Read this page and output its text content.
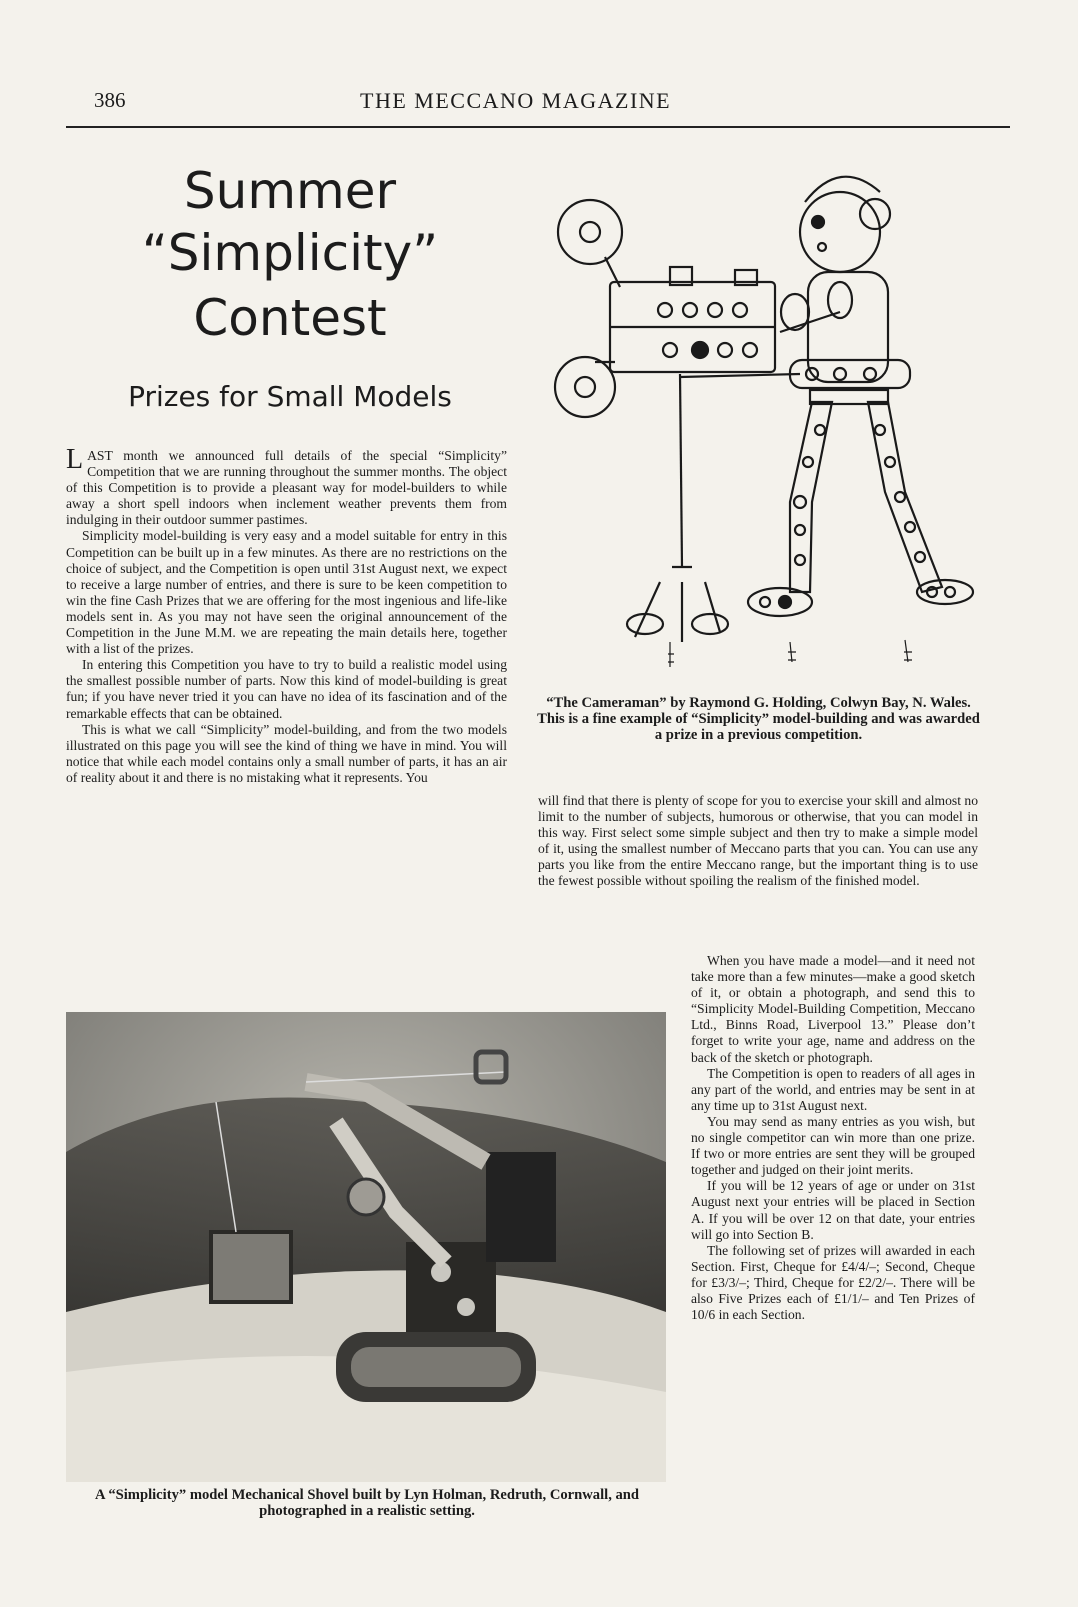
386	THE MECCANO MAGAZINE
Summer
“Simplicity”
Contest
Prizes for Small Models

LAST month we announced full details of the special “Simplicity” Competition that we are running throughout the summer months. The object of this Competition is to provide a pleasant way for model-builders to while away a short spell indoors when inclement weather prevents them from indulging in their outdoor summer pastimes.

Simplicity model-building is very easy and a model suitable for entry in this Competition can be built up in a few minutes. As there are no restrictions on the choice of subject, and the Competition is open until 31st August next, we expect to receive a large number of entries, and there is sure to be keen competition to win the fine Cash Prizes that we are offering for the most ingenious and life-like models sent in. As you may not have seen the original announcement of the Competition in the June M.M. we are repeating the main details here, together with a list of the prizes.

In entering this Competition you have to try to build a realistic model using the smallest possible number of parts. Now this kind of model-building is great fun; if you have never tried it you can have no idea of its fascination and of the remarkable effects that can be obtained.

This is what we call “Simplicity” model-building, and from the two models illustrated on this page you will see the kind of thing we have in mind. You will notice that while each model contains only a small number of parts, it has an air of reality about it and there is no mistaking what it represents. You

“The Cameraman” by Raymond G. Holding, Colwyn Bay, N. Wales. This is a fine example of “Simplicity” model-building and was awarded a prize in a previous competition.

will find that there is plenty of scope for you to exercise your skill and almost no limit to the number of subjects, humorous or otherwise, that you can model in this way. First select some simple subject and then try to make a simple model of it, using the smallest number of Meccano parts that you can. You can use any parts you like from the entire Meccano range, but the important thing is to use the fewest possible without spoiling the realism of the finished model.

A “Simplicity” model Mechanical Shovel built by Lyn Holman, Redruth, Cornwall, and photographed in a realistic setting.

When you have made a model—and it need not take more than a few minutes—make a good sketch of it, or obtain a photograph, and send this to “Simplicity Model-Building Competition, Meccano Ltd., Binns Road, Liverpool 13.” Please don’t forget to write your age, name and address on the back of the sketch or photograph.

The Competition is open to readers of all ages in any part of the world, and entries may be sent in at any time up to 31st August next.

You may send as many entries as you wish, but no single competitor can win more than one prize. If two or more entries are sent they will be grouped together and judged on their joint merits.

If you will be 12 years of age or under on 31st August next your entries will be placed in Section A. If you will be over 12 on that date, your entries will go into Section B.

The following set of prizes will awarded in each Section. First, Cheque for £4/4/–; Second, Cheque for £3/3/–; Third, Cheque for £2/2/–. There will be also Five Prizes each of £1/1/– and Ten Prizes of 10/6 in each Section.
